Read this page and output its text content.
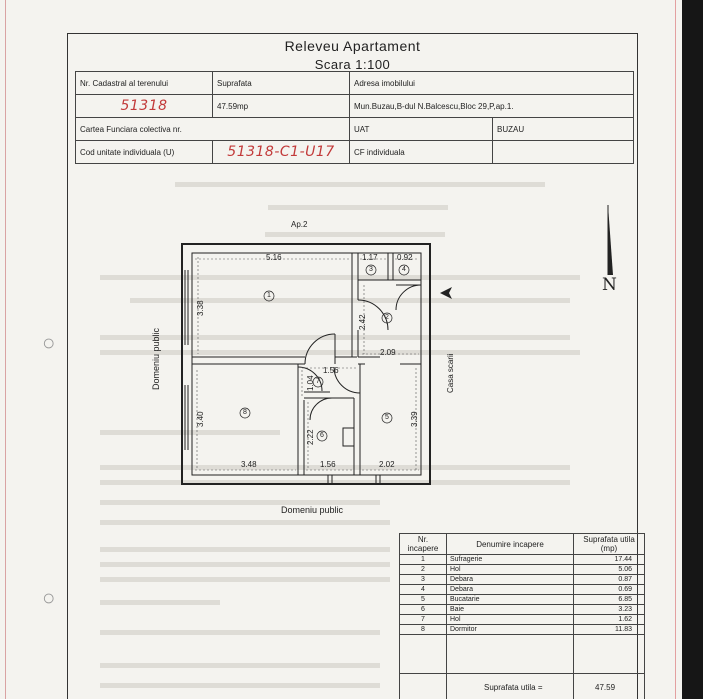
○
○
Releveu Apartament
Scara 1:100
Nr. Cadastral al terenului	Suprafata	Adresa imobilului	
51318	47.59mp	Mun.Buzau,B-dul N.Balcescu,Bloc 29,P,ap.1.	
Cartea Funciara colectiva nr.		UAT	BUZAU
Cod unitate individuala (U)	51318-C1-U17	CF individuala	
Ap.2
5.16	1.17 0.92
3.38
2.42
2.09
1.56
1.04
3.40	3.39
2.22
3.48	1.56	2.02
1
2
3	4
5
6
7
8
Domeniu public
Domeniu public	Casa scarii
N
Nr. incapere	Denumire incapere	Suprafata utila (mp)
1	Sufragerie	17.44
2	Hol	5.06
3	Debara	0.87
4	Debara	0.69
5	Bucatarie	6.85
6	Baie	3.23
7	Hol	1.62
8	Dormitor	11.83

Suprafata utila =	47.59
